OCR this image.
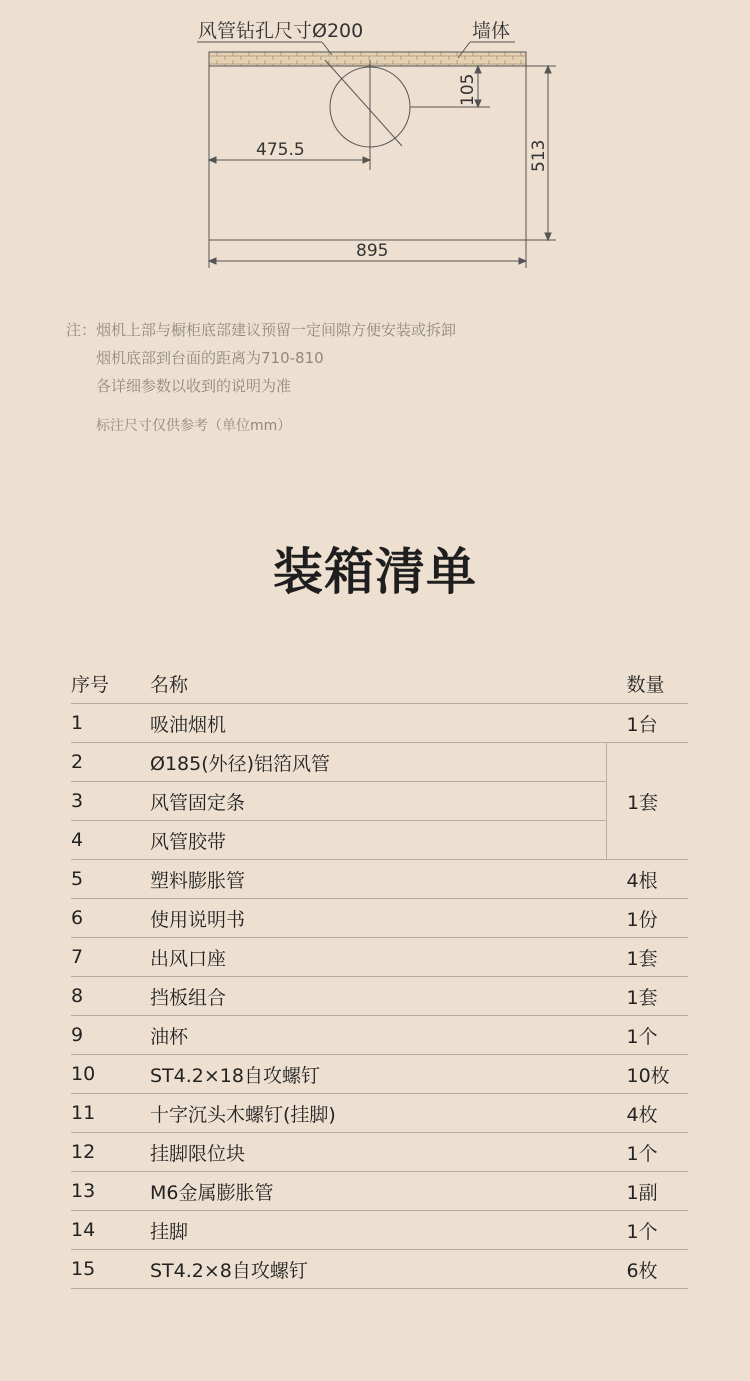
风管钻孔尺寸Ø200	墙体
105
475.5	513
895
注： 烟机上部与橱柜底部建议预留一定间隙方便安装或拆卸
烟机底部到台面的距离为710-810
各详细参数以收到的说明为准
标注尺寸仅供参考（单位mm）
装箱清单
序号	名称	数量
1	吸油烟机	1台
2	Ø185(外径)铝箔风管	1套
3	风管固定条	
4	风管胶带	
5	塑料膨胀管	4根
6	使用说明书	1份
7	出风口座	1套
8	挡板组合	1套
9	油杯	1个
10	ST4.2×18自攻螺钉	10枚
11	十字沉头木螺钉(挂脚)	4枚
12	挂脚限位块	1个
13	M6金属膨胀管	1副
14	挂脚	1个
15	ST4.2×8自攻螺钉	6枚
